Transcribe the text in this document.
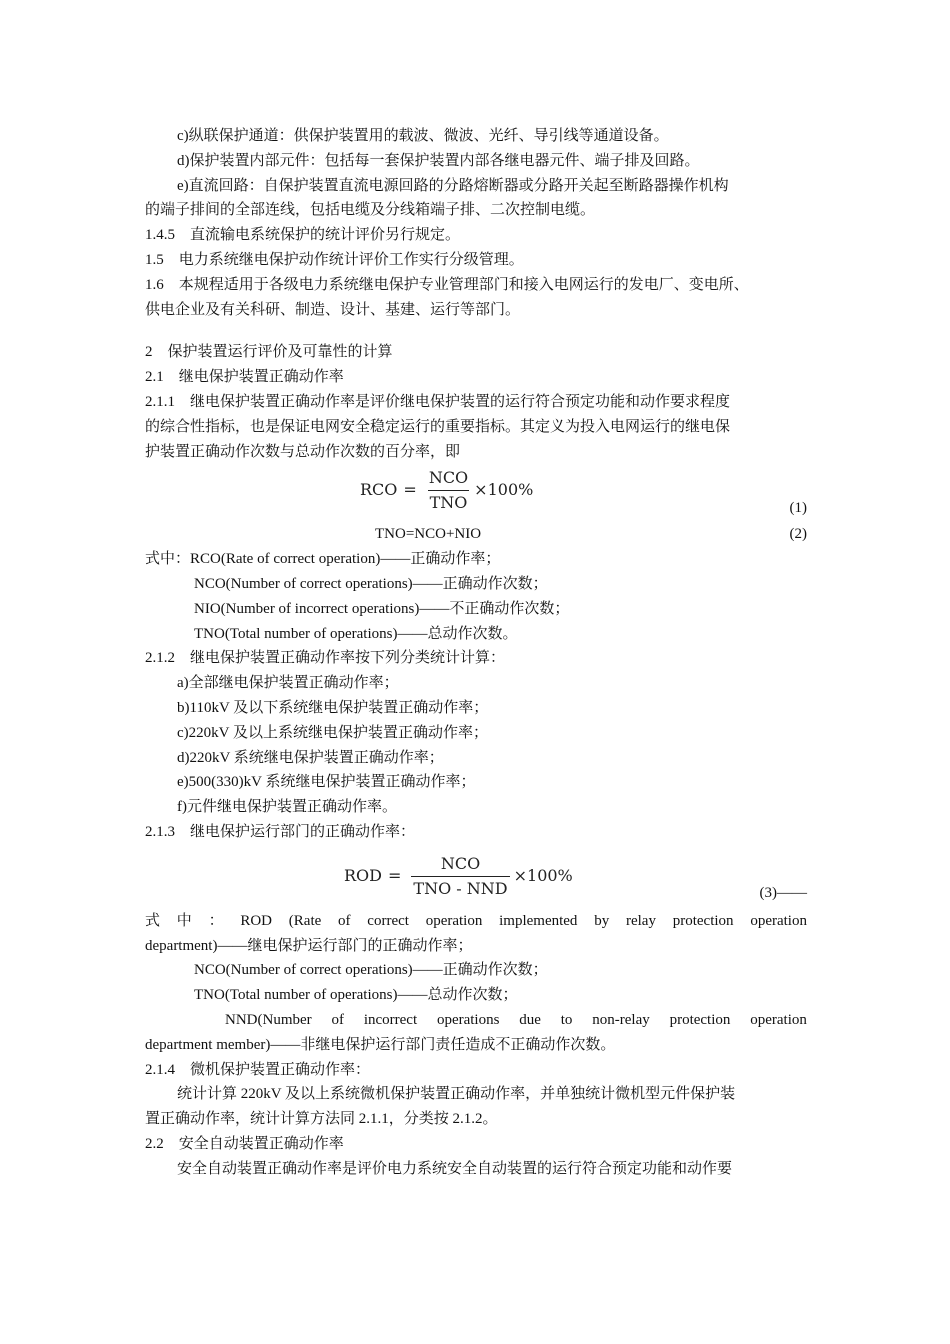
c)纵联保护通道：供保护装置用的载波、微波、光纤、导引线等通道设备。
d)保护装置内部元件：包括每一套保护装置内部各继电器元件、端子排及回路。
e)直流回路：自保护装置直流电源回路的分路熔断器或分路开关起至断路器操作机构
的端子排间的全部连线，包括电缆及分线箱端子排、二次控制电缆。
1.4.5　直流输电系统保护的统计评价另行规定。
1.5　电力系统继电保护动作统计评价工作实行分级管理。
1.6　本规程适用于各级电力系统继电保护专业管理部门和接入电网运行的发电厂、变电所、
供电企业及有关科研、制造、设计、基建、运行等部门。
2　保护装置运行评价及可靠性的计算
2.1　继电保护装置正确动作率
2.1.1　继电保护装置正确动作率是评价继电保护装置的运行符合预定功能和动作要求程度
的综合性指标，也是保证电网安全稳定运行的重要指标。其定义为投入电网运行的继电保
护装置正确动作次数与总动作次数的百分率，即
RCO = $\frac{\text{NCO}}{\text{TNO}} \times 100\%$
(1)
TNO=NCO+NIO	(2)
式中：RCO(Rate of correct operation)——正确动作率；
NCO(Number of correct operations)——正确动作次数；
NIO(Number of incorrect operations)——不正确动作次数；
TNO(Total number of operations)——总动作次数。
2.1.2　继电保护装置正确动作率按下列分类统计计算：
a)全部继电保护装置正确动作率；
b)110kV 及以下系统继电保护装置正确动作率；
c)220kV 及以上系统继电保护装置正确动作率；
d)220kV 系统继电保护装置正确动作率；
e)500(330)kV 系统继电保护装置正确动作率；
f)元件继电保护装置正确动作率。
2.1.3　继电保护运行部门的正确动作率：
ROD = $\frac{\text{NCO}}{\text{TNO - NND}} \times 100\%$
(3)——
式 中 ： ROD (Rate of correct operation implemented by relay protection operation
department)——继电保护运行部门的正确动作率；
NCO(Number of correct operations)——正确动作次数；
TNO(Total number of operations)——总动作次数；
NND(Number of incorrect operations due to non-relay protection operation
department member)——非继电保护运行部门责任造成不正确动作次数。
2.1.4　微机保护装置正确动作率：
统计计算 220kV 及以上系统微机保护装置正确动作率，并单独统计微机型元件保护装
置正确动作率，统计计算方法同 2.1.1，分类按 2.1.2。
2.2　安全自动装置正确动作率
安全自动装置正确动作率是评价电力系统安全自动装置的运行符合预定功能和动作要
